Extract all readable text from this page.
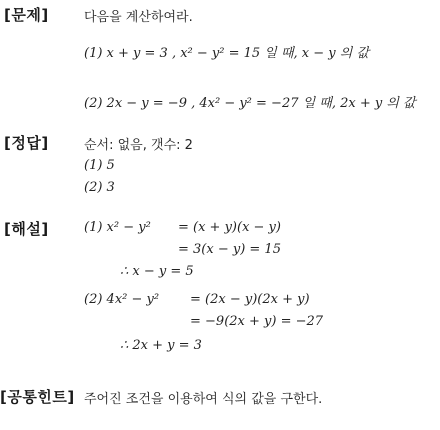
[문제]	다음을 계산하여라.
(1) x + y = 3 , x² − y² = 15 일 때, x − y 의 값
(2) 2x − y = −9 , 4x² − y² = −27 일 때, 2x + y 의 값
[정답]	순서: 없음, 갯수: 2
(1) 5
(2) 3
[해설]	(1) x² − y² = (x + y)(x − y)
= 3(x − y) = 15
∴ x − y = 5
(2) 4x² − y² = (2x − y)(2x + y)
= −9(2x + y) = −27
∴ 2x + y = 3
[공통힌트] 주어진 조건을 이용하여 식의 값을 구한다.
